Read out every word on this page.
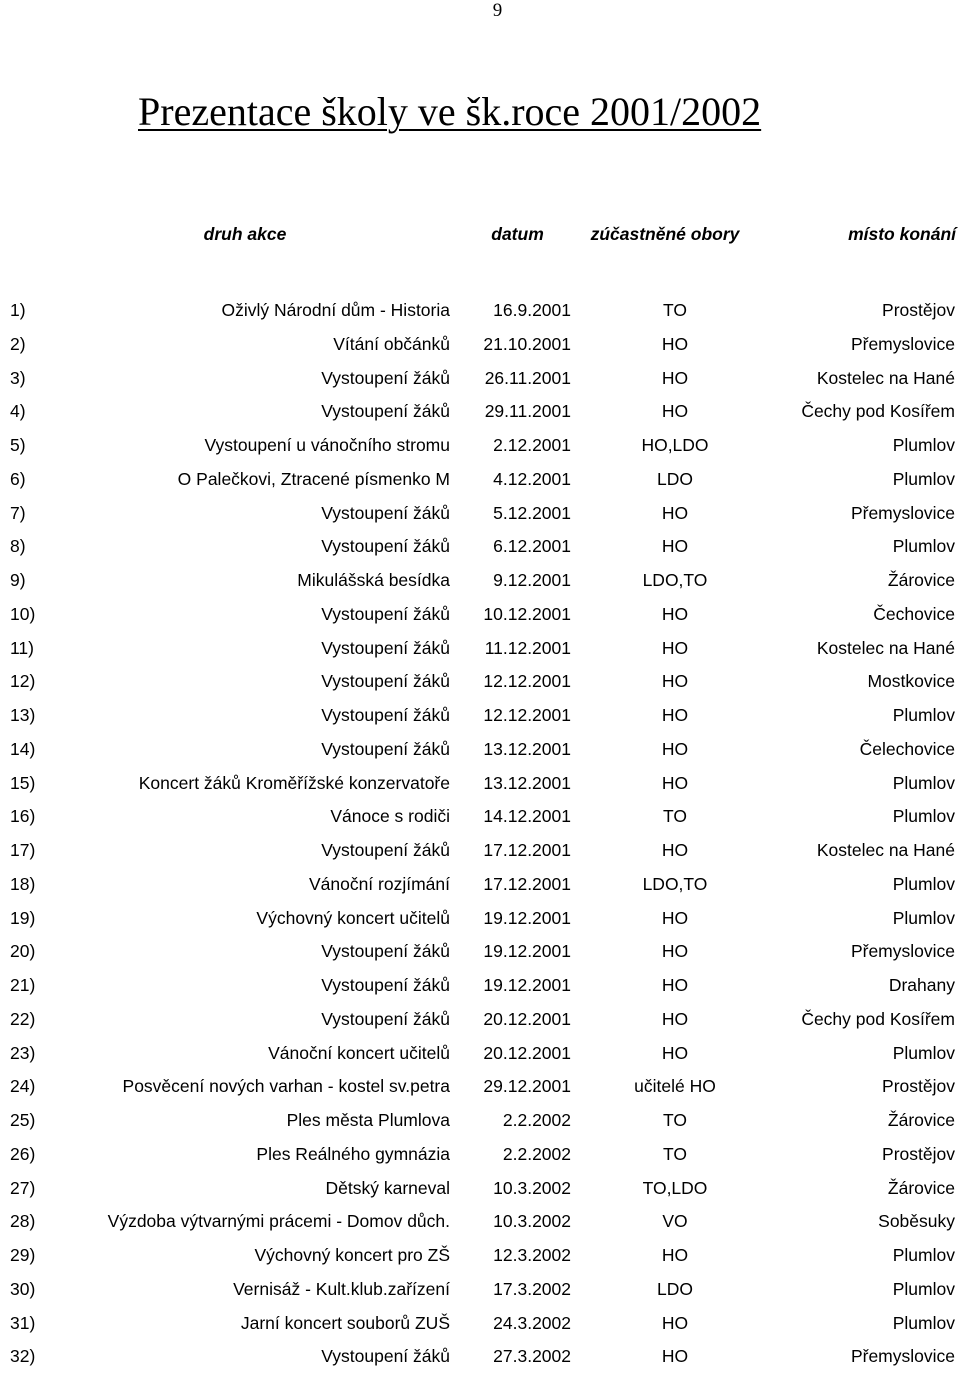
9
Prezentace školy ve šk.roce 2001/2002
druh akce	datum	zúčastněné obory	místo konání
1)	Oživlý Národní dům - Historia	16.9.2001	TO	Prostějov
2)	Vítání občánků	21.10.2001	HO	Přemyslovice
3)	Vystoupení žáků	26.11.2001	HO	Kostelec na Hané
4)	Vystoupení žáků	29.11.2001	HO	Čechy pod Kosířem
5)	Vystoupení u vánočního stromu	2.12.2001	HO,LDO	Plumlov
6)	O Palečkovi, Ztracené písmenko M	4.12.2001	LDO	Plumlov
7)	Vystoupení žáků	5.12.2001	HO	Přemyslovice
8)	Vystoupení žáků	6.12.2001	HO	Plumlov
9)	Mikulášská besídka	9.12.2001	LDO,TO	Žárovice
10)	Vystoupení žáků	10.12.2001	HO	Čechovice
11)	Vystoupení žáků	11.12.2001	HO	Kostelec na Hané
12)	Vystoupení žáků	12.12.2001	HO	Mostkovice
13)	Vystoupení žáků	12.12.2001	HO	Plumlov
14)	Vystoupení žáků	13.12.2001	HO	Čelechovice
15)	Koncert žáků Kroměřížské konzervatoře	13.12.2001	HO	Plumlov
16)	Vánoce s rodiči	14.12.2001	TO	Plumlov
17)	Vystoupení žáků	17.12.2001	HO	Kostelec na Hané
18)	Vánoční rozjímání	17.12.2001	LDO,TO	Plumlov
19)	Výchovný koncert učitelů	19.12.2001	HO	Plumlov
20)	Vystoupení žáků	19.12.2001	HO	Přemyslovice
21)	Vystoupení žáků	19.12.2001	HO	Drahany
22)	Vystoupení žáků	20.12.2001	HO	Čechy pod Kosířem
23)	Vánoční koncert učitelů	20.12.2001	HO	Plumlov
24)	Posvěcení nových varhan - kostel sv.petra	29.12.2001	učitelé HO	Prostějov
25)	Ples města Plumlova	2.2.2002	TO	Žárovice
26)	Ples Reálného gymnázia	2.2.2002	TO	Prostějov
27)	Dětský karneval	10.3.2002	TO,LDO	Žárovice
28)	Výzdoba výtvarnými prácemi - Domov důch.	10.3.2002	VO	Soběsuky
29)	Výchovný koncert pro ZŠ	12.3.2002	HO	Plumlov
30)	Vernisáž - Kult.klub.zařízení	17.3.2002	LDO	Plumlov
31)	Jarní koncert souborů ZUŠ	24.3.2002	HO	Plumlov
32)	Vystoupení žáků	27.3.2002	HO	Přemyslovice
